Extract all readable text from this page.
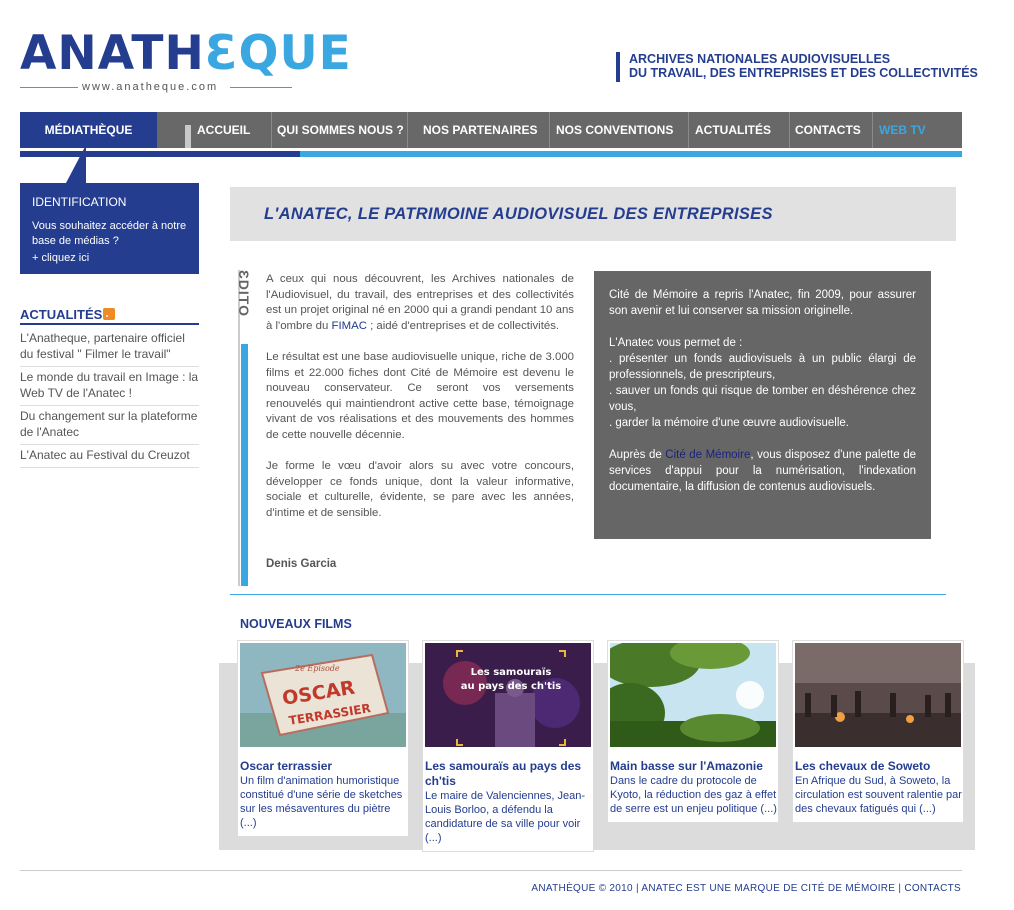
ANATHƐQUE
www.anatheque.com
ARCHIVES NATIONALES AUDIOVISUELLES
DU TRAVAIL, DES ENTREPRISES ET DES COLLECTIVITÉS
MÉDIATHÈQUE	ACCUEIL QUI SOMMES NOUS ? NOS PARTENAIRES NOS CONVENTIONS ACTUALITÉS CONTACTS WEB TV
IDENTIFICATION
Vous souhaitez accéder à notre base de médias ?
+ cliquez ici
ACTUALITÉS
L'Anatheque, partenaire officiel du festival " Filmer le travail"
Le monde du travail en Image : la Web TV de l'Anatec !
Du changement sur la plateforme de l'Anatec
L'Anatec au Festival du Creuzot
L'ANATEC, LE PATRIMOINE AUDIOVISUEL DES ENTREPRISES
ƐDITO A ceux qui nous découvrent, les Archives nationales de l'Audiovisuel, du travail, des entreprises et des collectivités est un projet original né en 2000 qui a grandi pendant 10 ans à l'ombre du FIMAC ; aidé d'entreprises et de collectivités.

Le résultat est une base audiovisuelle unique, riche de 3.000 films et 22.000 fiches dont Cité de Mémoire est devenu le nouveau conservateur. Ce seront vos versements renouvelés qui maintiendront active cette base, témoignage vivant de vos réalisations et des mouvements des hommes de cette nouvelle décennie.

Je forme le vœu d'avoir alors su avec votre concours, développer ce fonds unique, dont la valeur informative, sociale et culturelle, évidente, se pare avec les années, d'intime et de sensible.

Denis Garcia

Cité de Mémoire a repris l'Anatec, fin 2009, pour assurer son avenir et lui conserver sa mission originelle.

L'Anatec vous permet de :
. présenter un fonds audiovisuels à un public élargi de professionnels, de prescripteurs,
. sauver un fonds qui risque de tomber en déshérence chez vous,
. garder la mémoire d'une œuvre audiovisuelle.

Auprès de Cité de Mémoire, vous disposez d'une palette de services d'appui pour la numérisation, l'indexation documentaire, la diffusion de contenus audiovisuels.

NOUVEAUX FILMS
2e Episode
OSCAR
TERRASSIER
Oscar terrassier
Un film d'animation humoristique constitué d'une série de sketches sur les mésaventures du piètre (...)
Les samouraïs
au pays des ch'tis
Les samouraïs au pays des ch'tis
Le maire de Valenciennes, Jean-Louis Borloo, a défendu la candidature de sa ville pour voir (...)
Main basse sur l'Amazonie
Dans le cadre du protocole de Kyoto, la réduction des gaz à effet de serre est un enjeu politique (...)
Les chevaux de Soweto
En Afrique du Sud, à Soweto, la circulation est souvent ralentie par des chevaux fatigués qui (...)
ANATHÈQUE © 2010 | ANATEC EST UNE MARQUE DE CITÉ DE MÉMOIRE | CONTACTS
